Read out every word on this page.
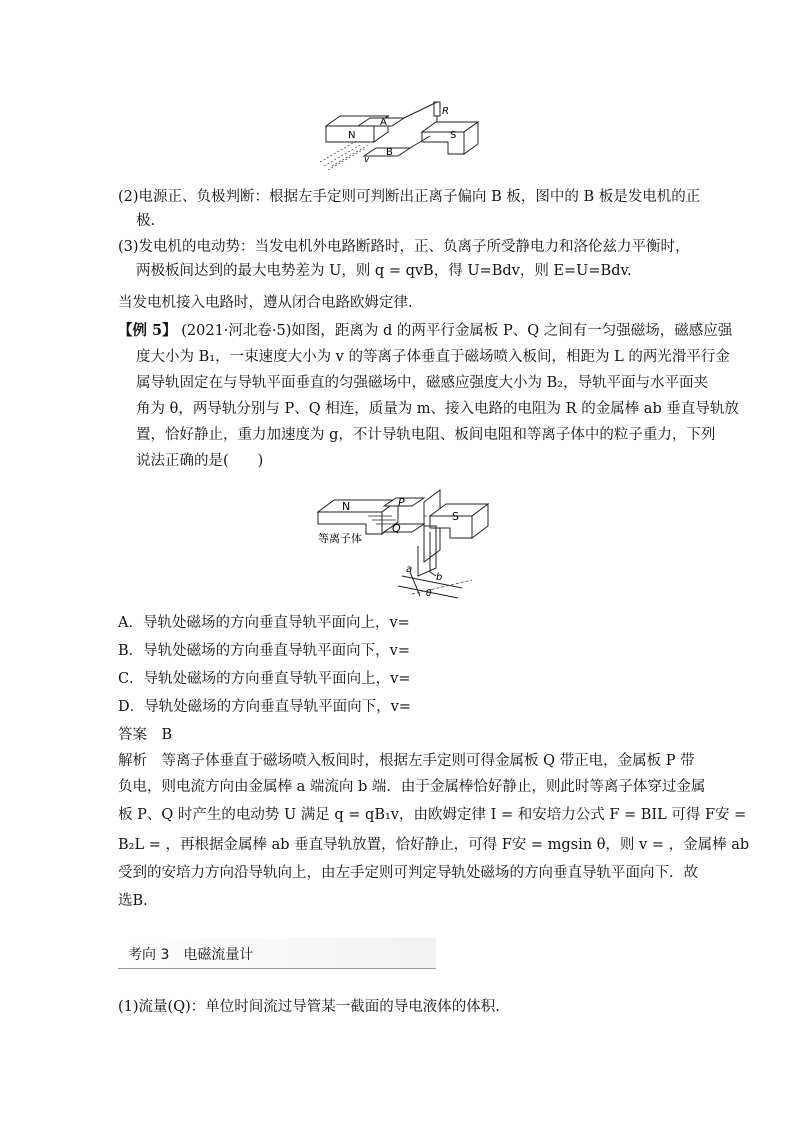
N
A
B
S
R
v
(2)电源正、负极判断：根据左手定则可判断出正离子偏向 B 板，图中的 B 板是发电机的正
极.
(3)发电机的电动势：当发电机外电路断路时，正、负离子所受静电力和洛伦兹力平衡时，
两极板间达到的最大电势差为 U，则 q = qvB，得 U=Bdv，则 E=U=Bdv.
当发电机接入电路时，遵从闭合电路欧姆定律.
【例 5】 (2021·河北卷·5)如图，距离为 d 的两平行金属板 P、Q 之间有一匀强磁场，磁感应强
度大小为 B₁，一束速度大小为 v 的等离子体垂直于磁场喷入板间，相距为 L 的两光滑平行金
属导轨固定在与导轨平面垂直的匀强磁场中，磁感应强度大小为 B₂，导轨平面与水平面夹
角为 θ，两导轨分别与 P、Q 相连，质量为 m、接入电路的电阻为 R 的金属棒 ab 垂直导轨放
置，恰好静止，重力加速度为 g，不计导轨电阻、板间电阻和等离子体中的粒子重力，下列
说法正确的是(　　)
N	P
Q
S
等离子体
a
b
θ
A．导轨处磁场的方向垂直导轨平面向上，v=
B．导轨处磁场的方向垂直导轨平面向下，v=
C．导轨处磁场的方向垂直导轨平面向上，v=
D．导轨处磁场的方向垂直导轨平面向下，v=
答案　B
解析　等离子体垂直于磁场喷入板间时，根据左手定则可得金属板 Q 带正电，金属板 P 带
负电，则电流方向由金属棒 a 端流向 b 端．由于金属棒恰好静止，则此时等离子体穿过金属
板 P、Q 时产生的电动势 U 满足 q = qB₁v，由欧姆定律 I = 和安培力公式 F = BIL 可得 F安 =
B₂L = ，再根据金属棒 ab 垂直导轨放置，恰好静止，可得 F安 = mgsin θ，则 v = ，金属棒 ab
受到的安培力方向沿导轨向上，由左手定则可判定导轨处磁场的方向垂直导轨平面向下．故
选B.
考向 3　电磁流量计
(1)流量(Q)：单位时间流过导管某一截面的导电液体的体积.
